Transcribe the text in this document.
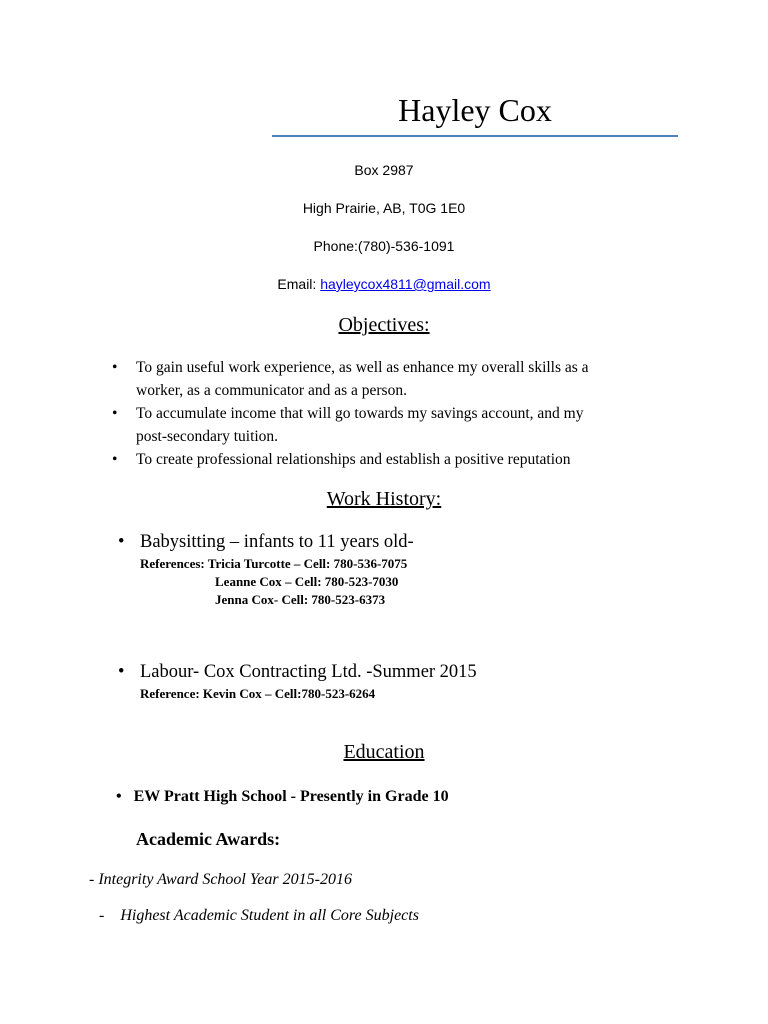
Hayley Cox
Box 2987
High Prairie, AB, T0G 1E0
Phone:(780)-536-1091
Email: hayleycox4811@gmail.com
Objectives:
• To gain useful work experience, as well as enhance my overall skills as a
worker, as a communicator and as a person.
• To accumulate income that will go towards my savings account, and my
post-secondary tuition.
• To create professional relationships and establish a positive reputation
Work History:
• Babysitting – infants to 11 years old-
References: Tricia Turcotte – Cell: 780-536-7075
Leanne Cox – Cell: 780-523-7030
Jenna Cox- Cell: 780-523-6373
• Labour- Cox Contracting Ltd. -Summer 2015
Reference: Kevin Cox – Cell:780-523-6264
Education
• EW Pratt High School - Presently in Grade 10
Academic Awards:
- Integrity Award School Year 2015-2016
-    Highest Academic Student in all Core Subjects
